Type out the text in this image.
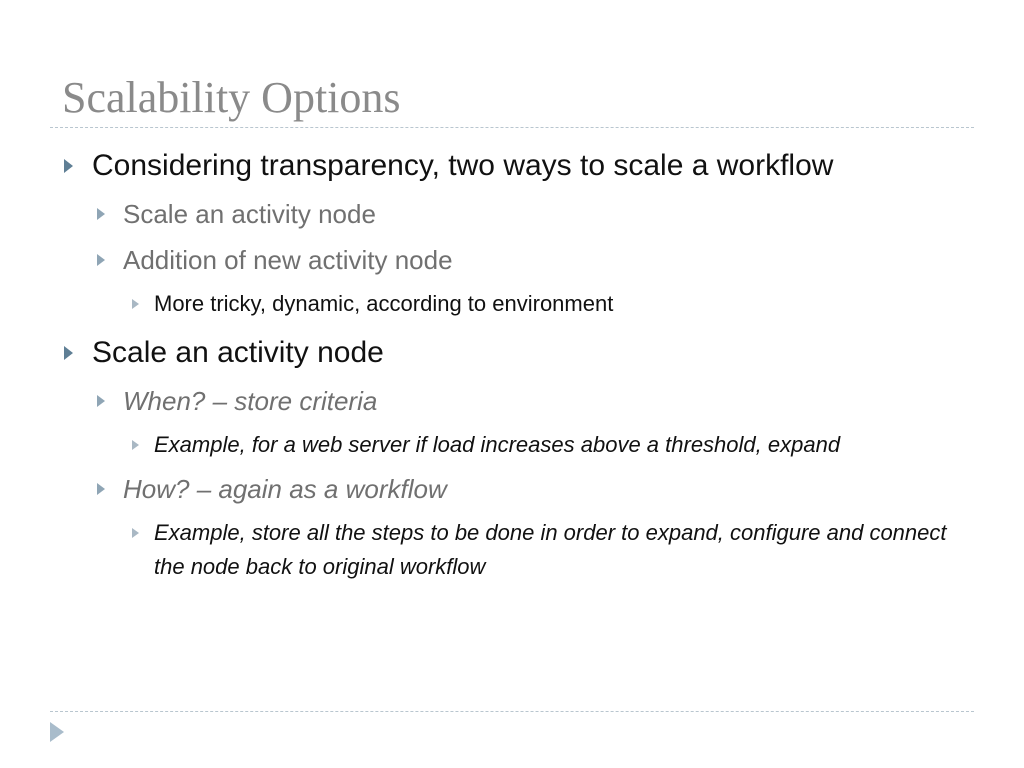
Scalability Options
Considering transparency, two ways to scale a workflow
Scale an activity node
Addition of new activity node
More tricky, dynamic, according to environment
Scale an activity node
When? – store criteria
Example, for a web server if load increases above a threshold, expand
How? – again as a workflow
Example, store all the steps to be done in order to expand, configure and connect the node back to original workflow
